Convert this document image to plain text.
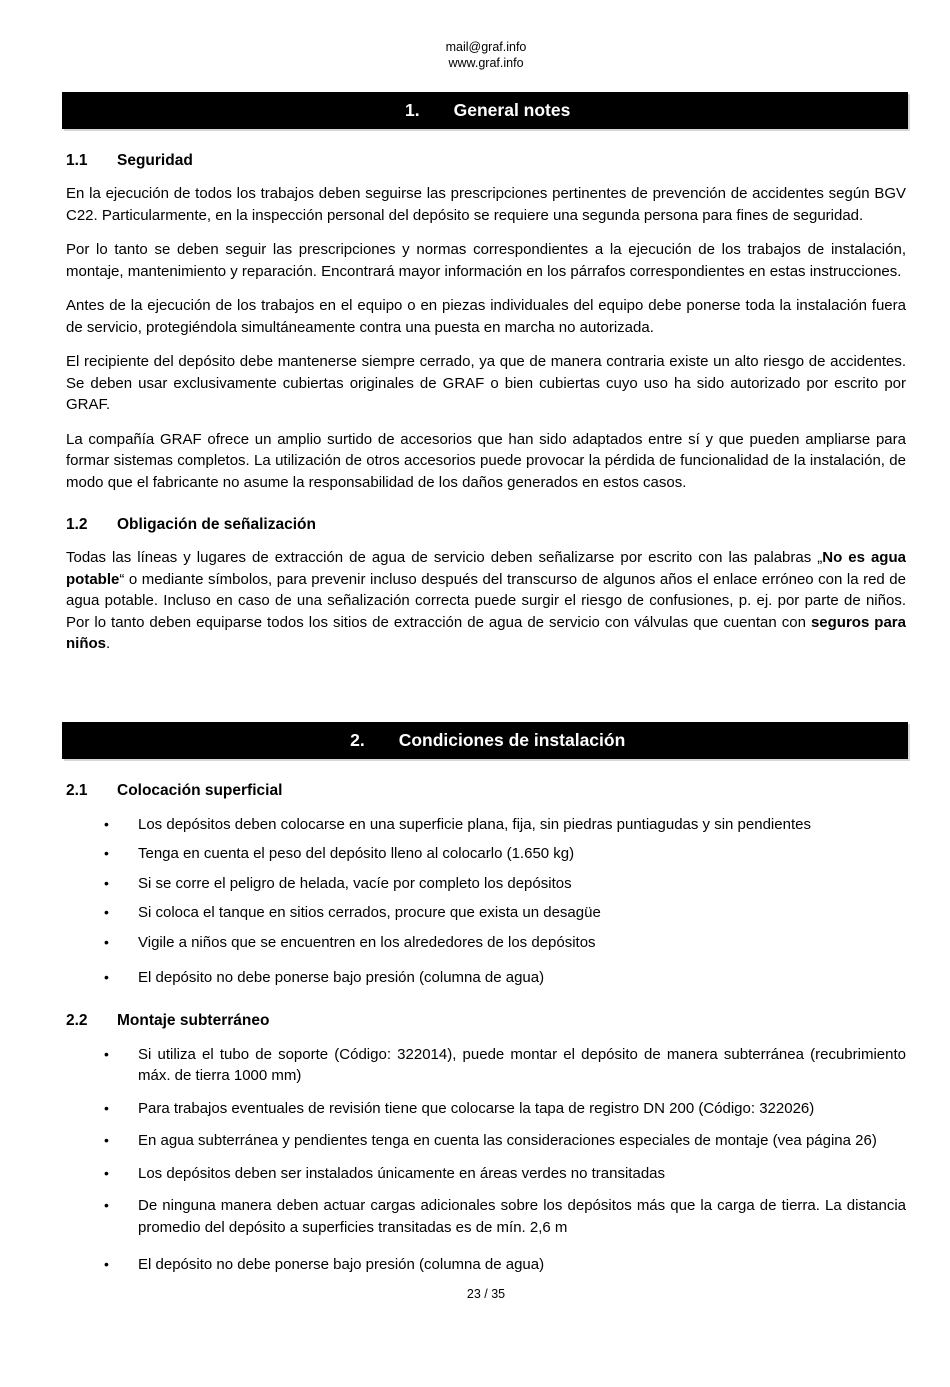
mail@graf.info
www.graf.info
1. General notes
1.1 Seguridad

En la ejecución de todos los trabajos deben seguirse las prescripciones pertinentes de prevención de accidentes según BGV C22. Particularmente, en la inspección personal del depósito se requiere una segunda persona para fines de seguridad.

Por lo tanto se deben seguir las prescripciones y normas correspondientes a la ejecución de los trabajos de instalación, montaje, mantenimiento y reparación. Encontrará mayor información en los párrafos correspondientes en estas instrucciones.

Antes de la ejecución de los trabajos en el equipo o en piezas individuales del equipo debe ponerse toda la instalación fuera de servicio, protegiéndola simultáneamente contra una puesta en marcha no autorizada.

El recipiente del depósito debe mantenerse siempre cerrado, ya que de manera contraria existe un alto riesgo de accidentes. Se deben usar exclusivamente cubiertas originales de GRAF o bien cubiertas cuyo uso ha sido autorizado por escrito por GRAF.

La compañía GRAF ofrece un amplio surtido de accesorios que han sido adaptados entre sí y que pueden ampliarse para formar sistemas completos. La utilización de otros accesorios puede provocar la pérdida de funcionalidad de la instalación, de modo que el fabricante no asume la responsabilidad de los daños generados en estos casos.

1.2 Obligación de señalización

Todas las líneas y lugares de extracción de agua de servicio deben señalizarse por escrito con las palabras „No es agua potable“ o mediante símbolos, para prevenir incluso después del transcurso de algunos años el enlace erróneo con la red de agua potable. Incluso en caso de una señalización correcta puede surgir el riesgo de confusiones, p. ej. por parte de niños. Por lo tanto deben equiparse todos los sitios de extracción de agua de servicio con válvulas que cuentan con seguros para niños.

2. Condiciones de instalación
2.1 Colocación superficial
•	Los depósitos deben colocarse en una superficie plana, fija, sin piedras puntiagudas y sin pendientes
•	Tenga en cuenta el peso del depósito lleno al colocarlo (1.650 kg)
•	Si se corre el peligro de helada, vacíe por completo los depósitos
•	Si coloca el tanque en sitios cerrados, procure que exista un desagüe
•	Vigile a niños que se encuentren en los alrededores de los depósitos
•	El depósito no debe ponerse bajo presión (columna de agua)
2.2 Montaje subterráneo
•	Si utiliza el tubo de soporte (Código: 322014), puede montar el depósito de manera subterránea (recubrimiento máx. de tierra 1000 mm)
•	Para trabajos eventuales de revisión tiene que colocarse la tapa de registro DN 200 (Código: 322026)
•	En agua subterránea y pendientes tenga en cuenta las consideraciones especiales de montaje (vea página 26)
•	Los depósitos deben ser instalados únicamente en áreas verdes no transitadas
•	De ninguna manera deben actuar cargas adicionales sobre los depósitos más que la carga de tierra. La distancia promedio del depósito a superficies transitadas es de mín. 2,6 m
•	El depósito no debe ponerse bajo presión (columna de agua)
23 / 35
